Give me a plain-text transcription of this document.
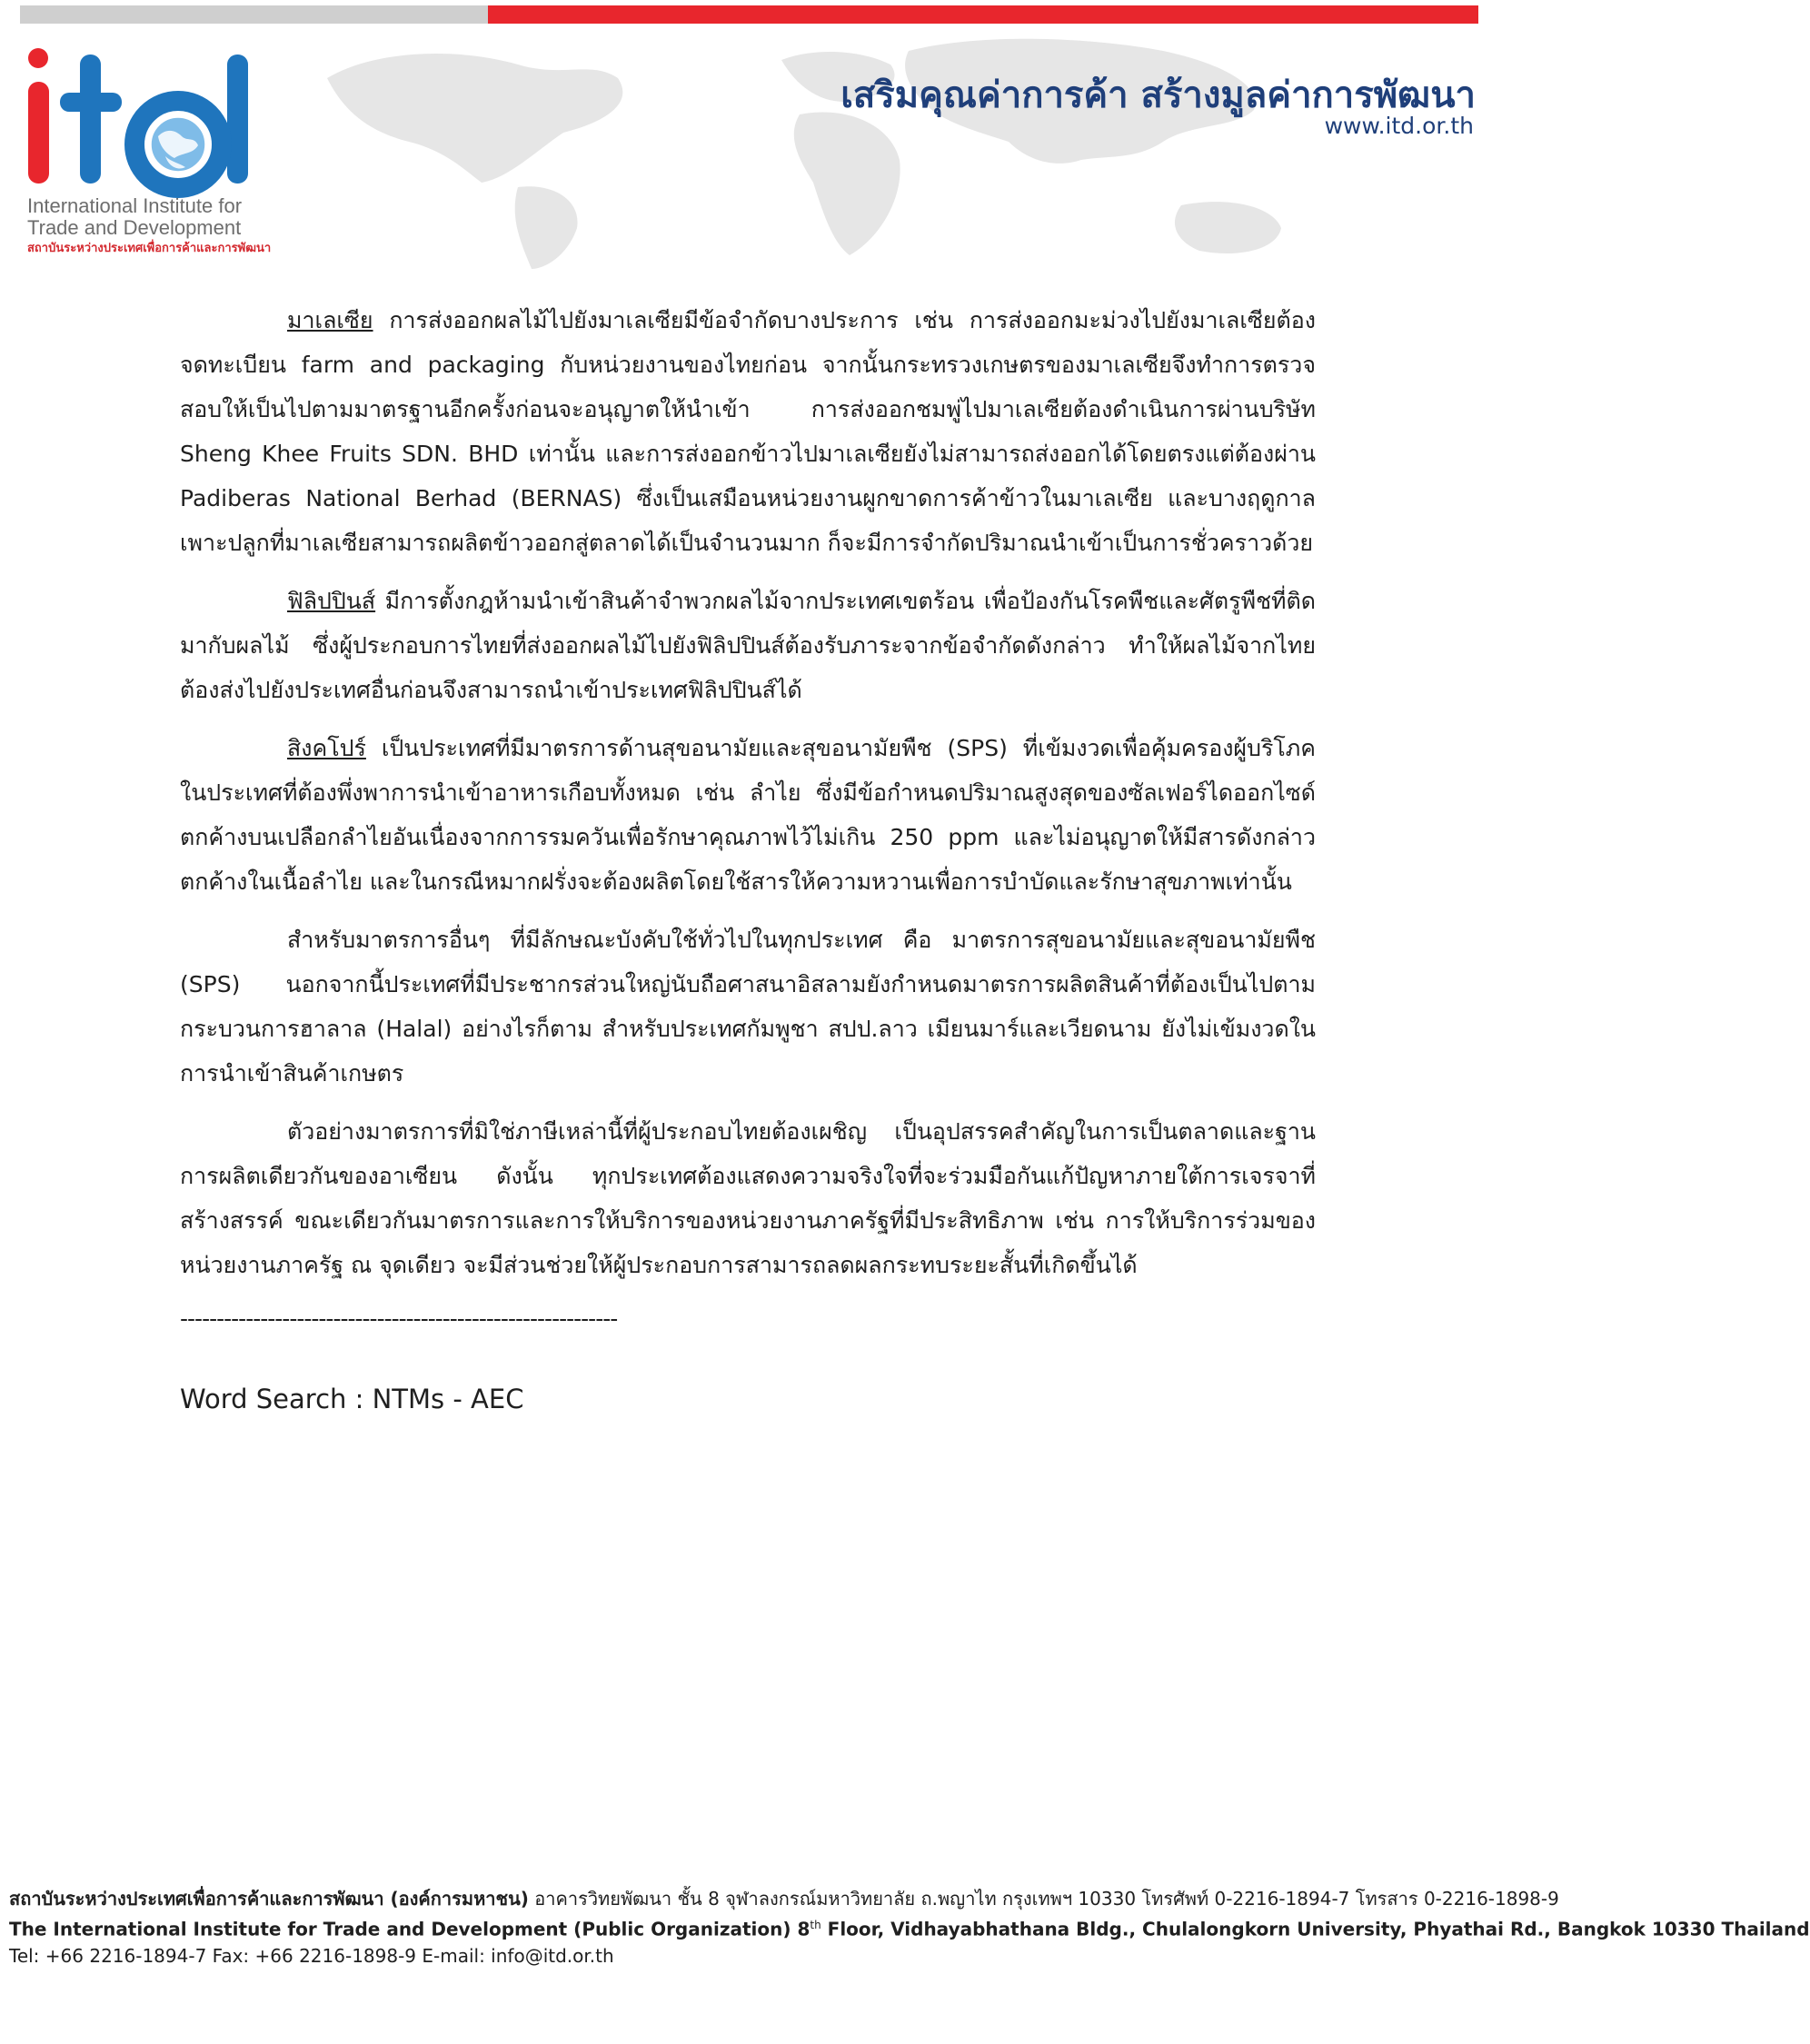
International Institute for
Trade and Development
สถาบันระหว่างประเทศเพื่อการค้าและการพัฒนา
เสริมคุณค่าการค้า สร้างมูลค่าการพัฒนา
www.itd.or.th

มาเลเซีย การส่งออกผลไม้ไปยังมาเลเซียมีข้อจำกัดบางประการ เช่น การส่งออกมะม่วงไปยังมาเลเซียต้องจดทะเบียน farm and packaging กับหน่วยงานของไทยก่อน จากนั้นกระทรวงเกษตรของมาเลเซียจึงทำการตรวจสอบให้เป็นไปตามมาตรฐานอีกครั้งก่อนจะอนุญาตให้นำเข้า การส่งออกชมพู่ไปมาเลเซียต้องดำเนินการผ่านบริษัท Sheng Khee Fruits SDN. BHD เท่านั้น และการส่งออกข้าวไปมาเลเซียยังไม่สามารถส่งออกได้โดยตรงแต่ต้องผ่าน Padiberas National Berhad (BERNAS) ซึ่งเป็นเสมือนหน่วยงานผูกขาดการค้าข้าวในมาเลเซีย และบางฤดูกาลเพาะปลูกที่มาเลเซียสามารถผลิตข้าวออกสู่ตลาดได้เป็นจำนวนมาก ก็จะมีการจำกัดปริมาณนำเข้าเป็นการชั่วคราวด้วย

ฟิลิปปินส์ มีการตั้งกฎห้ามนำเข้าสินค้าจำพวกผลไม้จากประเทศเขตร้อน เพื่อป้องกันโรคพืชและศัตรูพืชที่ติดมากับผลไม้ ซึ่งผู้ประกอบการไทยที่ส่งออกผลไม้ไปยังฟิลิปปินส์ต้องรับภาระจากข้อจำกัดดังกล่าว ทำให้ผลไม้จากไทยต้องส่งไปยังประเทศอื่นก่อนจึงสามารถนำเข้าประเทศฟิลิปปินส์ได้

สิงคโปร์ เป็นประเทศที่มีมาตรการด้านสุขอนามัยและสุขอนามัยพืช (SPS) ที่เข้มงวดเพื่อคุ้มครองผู้บริโภคในประเทศที่ต้องพึ่งพาการนำเข้าอาหารเกือบทั้งหมด เช่น ลำไย ซึ่งมีข้อกำหนดปริมาณสูงสุดของซัลเฟอร์ไดออกไซด์ตกค้างบนเปลือกลำไยอันเนื่องจากการรมควันเพื่อรักษาคุณภาพไว้ไม่เกิน 250 ppm และไม่อนุญาตให้มีสารดังกล่าวตกค้างในเนื้อลำไย และในกรณีหมากฝรั่งจะต้องผลิตโดยใช้สารให้ความหวานเพื่อการบำบัดและรักษาสุขภาพเท่านั้น

สำหรับมาตรการอื่นๆ ที่มีลักษณะบังคับใช้ทั่วไปในทุกประเทศ คือ มาตรการสุขอนามัยและสุขอนามัยพืช (SPS) นอกจากนี้ประเทศที่มีประชากรส่วนใหญ่นับถือศาสนาอิสลามยังกำหนดมาตรการผลิตสินค้าที่ต้องเป็นไปตามกระบวนการฮาลาล (Halal) อย่างไรก็ตาม สำหรับประเทศกัมพูชา สปป.ลาว เมียนมาร์และเวียดนาม ยังไม่เข้มงวดในการนำเข้าสินค้าเกษตร

ตัวอย่างมาตรการที่มิใช่ภาษีเหล่านี้ที่ผู้ประกอบไทยต้องเผชิญ เป็นอุปสรรคสำคัญในการเป็นตลาดและฐานการผลิตเดียวกันของอาเซียน ดังนั้น ทุกประเทศต้องแสดงความจริงใจที่จะร่วมมือกันแก้ปัญหาภายใต้การเจรจาที่สร้างสรรค์ ขณะเดียวกันมาตรการและการให้บริการของหน่วยงานภาครัฐที่มีประสิทธิภาพ เช่น การให้บริการร่วมของหน่วยงานภาครัฐ ณ จุดเดียว จะมีส่วนช่วยให้ผู้ประกอบการสามารถลดผลกระทบระยะสั้นที่เกิดขึ้นได้

------------------------------------------------------------
Word Search : NTMs - AEC
สถาบันระหว่างประเทศเพื่อการค้าและการพัฒนา (องค์การมหาชน) อาคารวิทยพัฒนา ชั้น 8 จุฬาลงกรณ์มหาวิทยาลัย ถ.พญาไท กรุงเทพฯ 10330 โทรศัพท์ 0-2216-1894-7 โทรสาร 0-2216-1898-9
The International Institute for Trade and Development (Public Organization) 8th Floor, Vidhayabhathana Bldg., Chulalongkorn University, Phyathai Rd., Bangkok 10330 Thailand
Tel: +66 2216-1894-7 Fax: +66 2216-1898-9 E-mail: info@itd.or.th
